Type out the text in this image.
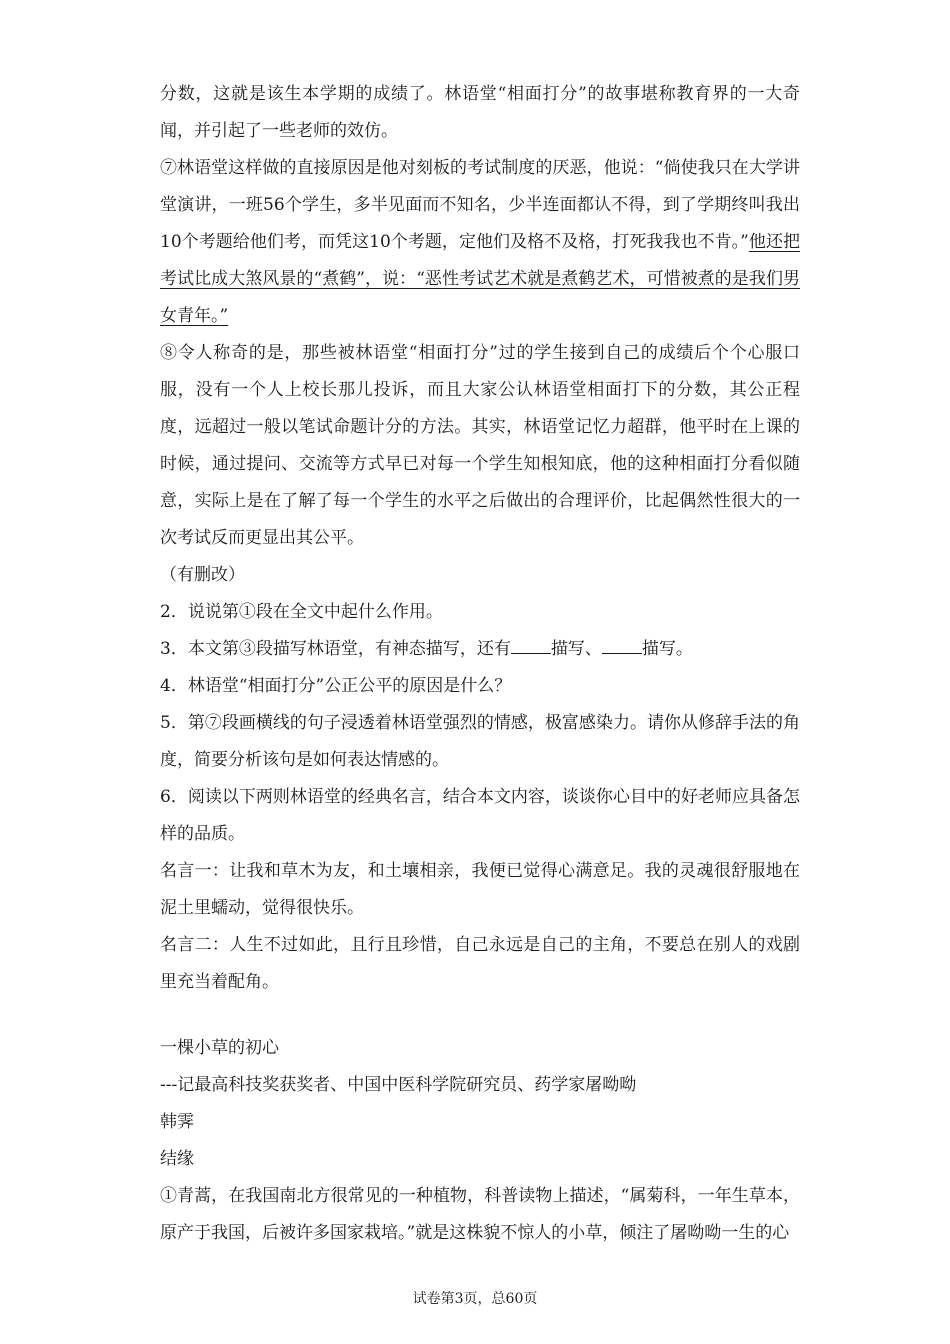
分数，这就是该生本学期的成绩了。林语堂“相面打分”的故事堪称教育界的一大奇闻，并引起了一些老师的效仿。

⑦林语堂这样做的直接原因是他对刻板的考试制度的厌恶，他说：“倘使我只在大学讲堂演讲，一班56个学生，多半见面而不知名，少半连面都认不得，到了学期终叫我出10个考题给他们考，而凭这10个考题，定他们及格不及格，打死我我也不肯。”他还把考试比成大煞风景的“煮鹤”，说：“恶性考试艺术就是煮鹤艺术，可惜被煮的是我们男女青年。”

⑧令人称奇的是，那些被林语堂“相面打分”过的学生接到自己的成绩后个个心服口服，没有一个人上校长那儿投诉，而且大家公认林语堂相面打下的分数，其公正程度，远超过一般以笔试命题计分的方法。其实，林语堂记忆力超群，他平时在上课的时候，通过提问、交流等方式早已对每一个学生知根知底，他的这种相面打分看似随意，实际上是在了解了每一个学生的水平之后做出的合理评价，比起偶然性很大的一次考试反而更显出其公平。

（有删改）

2．说说第①段在全文中起什么作用。

3．本文第③段描写林语堂，有神态描写，还有 描写、 描写。

4．林语堂“相面打分”公正公平的原因是什么？

5．第⑦段画横线的句子浸透着林语堂强烈的情感，极富感染力。请你从修辞手法的角度，简要分析该句是如何表达情感的。

6．阅读以下两则林语堂的经典名言，结合本文内容，谈谈你心目中的好老师应具备怎样的品质。

名言一：让我和草木为友，和土壤相亲，我便已觉得心满意足。我的灵魂很舒服地在泥土里蠕动，觉得很快乐。

名言二：人生不过如此，且行且珍惜，自己永远是自己的主角，不要总在别人的戏剧里充当着配角。

一棵小草的初心

---记最高科技奖获奖者、中国中医科学院研究员、药学家屠呦呦

韩霁

结缘

①青蒿，在我国南北方很常见的一种植物，科普读物上描述，“属菊科，一年生草本，原产于我国，后被许多国家栽培。”就是这株貌不惊人的小草，倾注了屠呦呦一生的心

试卷第3页，总60页
